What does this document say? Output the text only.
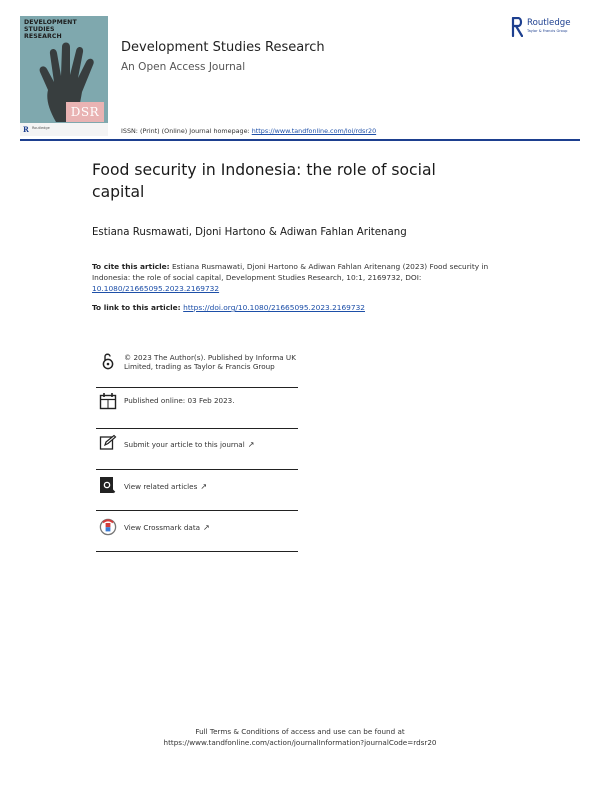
DEVELOPMENT
STUDIES
RESEARCH
DSR
R Routledge
Development Studies Research
An Open Access Journal
ISSN: (Print) (Online) Journal homepage: https://www.tandfonline.com/loi/rdsr20
Routledge
Taylor & Francis Group
Food security in Indonesia: the role of social
capital
Estiana Rusmawati, Djoni Hartono & Adiwan Fahlan Aritenang
To cite this article: Estiana Rusmawati, Djoni Hartono & Adiwan Fahlan Aritenang (2023) Food security in Indonesia: the role of social capital, Development Studies Research, 10:1, 2169732, DOI: 10.1080/21665095.2023.2169732
To link to this article: https://doi.org/10.1080/21665095.2023.2169732
© 2023 The Author(s). Published by Informa UK Limited, trading as Taylor & Francis Group
Published online: 03 Feb 2023.
Submit your article to this journal ↗
View related articles ↗
View Crossmark data ↗
Full Terms & Conditions of access and use can be found at
https://www.tandfonline.com/action/journalInformation?journalCode=rdsr20
